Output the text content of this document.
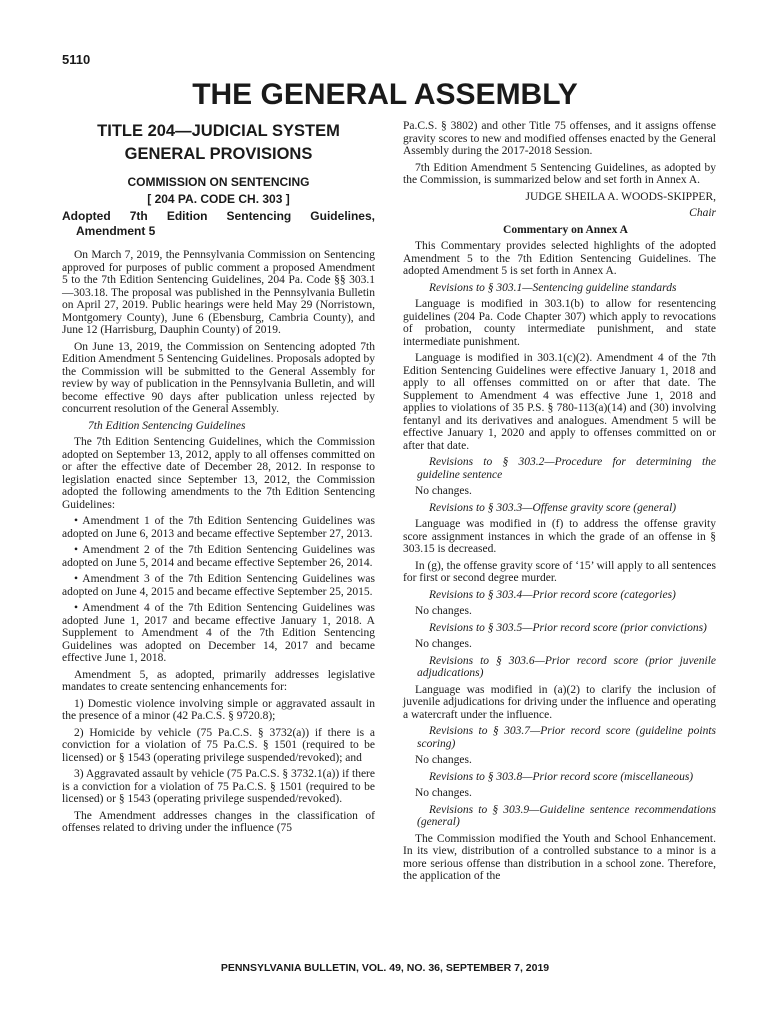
5110
THE GENERAL ASSEMBLY
TITLE 204—JUDICIAL SYSTEM
GENERAL PROVISIONS
COMMISSION ON SENTENCING
[ 204 PA. CODE CH. 303 ]
Adopted 7th Edition Sentencing Guidelines, Amendment 5

On March 7, 2019, the Pennsylvania Commission on Sentencing approved for purposes of public comment a proposed Amendment 5 to the 7th Edition Sentencing Guidelines, 204 Pa. Code §§ 303.1—303.18. The proposal was published in the Pennsylvania Bulletin on April 27, 2019. Public hearings were held May 29 (Norristown, Montgomery County), June 6 (Ebensburg, Cambria County), and June 12 (Harrisburg, Dauphin County) of 2019.

On June 13, 2019, the Commission on Sentencing adopted 7th Edition Amendment 5 Sentencing Guidelines. Proposals adopted by the Commission will be submitted to the General Assembly for review by way of publication in the Pennsylvania Bulletin, and will become effective 90 days after publication unless rejected by concurrent resolution of the General Assembly.

7th Edition Sentencing Guidelines

The 7th Edition Sentencing Guidelines, which the Commission adopted on September 13, 2012, apply to all offenses committed on or after the effective date of December 28, 2012. In response to legislation enacted since September 13, 2012, the Commission adopted the following amendments to the 7th Edition Sentencing Guidelines:

• Amendment 1 of the 7th Edition Sentencing Guidelines was adopted on June 6, 2013 and became effective September 27, 2013.

• Amendment 2 of the 7th Edition Sentencing Guidelines was adopted on June 5, 2014 and became effective September 26, 2014.

• Amendment 3 of the 7th Edition Sentencing Guidelines was adopted on June 4, 2015 and became effective September 25, 2015.

• Amendment 4 of the 7th Edition Sentencing Guidelines was adopted June 1, 2017 and became effective January 1, 2018. A Supplement to Amendment 4 of the 7th Edition Sentencing Guidelines was adopted on December 14, 2017 and became effective June 1, 2018.

Amendment 5, as adopted, primarily addresses legislative mandates to create sentencing enhancements for:

1) Domestic violence involving simple or aggravated assault in the presence of a minor (42 Pa.C.S. § 9720.8);

2) Homicide by vehicle (75 Pa.C.S. § 3732(a)) if there is a conviction for a violation of 75 Pa.C.S. § 1501 (required to be licensed) or § 1543 (operating privilege suspended/revoked); and

3) Aggravated assault by vehicle (75 Pa.C.S. § 3732.1(a)) if there is a conviction for a violation of 75 Pa.C.S. § 1501 (required to be licensed) or § 1543 (operating privilege suspended/revoked).

The Amendment addresses changes in the classification of offenses related to driving under the influence (75

Pa.C.S. § 3802) and other Title 75 offenses, and it assigns offense gravity scores to new and modified offenses enacted by the General Assembly during the 2017-2018 Session.

7th Edition Amendment 5 Sentencing Guidelines, as adopted by the Commission, is summarized below and set forth in Annex A.

JUDGE SHEILA A. WOODS-SKIPPER,

Chair

Commentary on Annex A

This Commentary provides selected highlights of the adopted Amendment 5 to the 7th Edition Sentencing Guidelines. The adopted Amendment 5 is set forth in Annex A.

Revisions to § 303.1—Sentencing guideline standards

Language is modified in 303.1(b) to allow for resentencing guidelines (204 Pa. Code Chapter 307) which apply to revocations of probation, county intermediate punishment, and state intermediate punishment.

Language is modified in 303.1(c)(2). Amendment 4 of the 7th Edition Sentencing Guidelines were effective January 1, 2018 and apply to all offenses committed on or after that date. The Supplement to Amendment 4 was effective June 1, 2018 and applies to violations of 35 P.S. § 780-113(a)(14) and (30) involving fentanyl and its derivatives and analogues. Amendment 5 will be effective January 1, 2020 and apply to offenses committed on or after that date.

Revisions to § 303.2—Procedure for determining the guideline sentence

No changes.

Revisions to § 303.3—Offense gravity score (general)

Language was modified in (f) to address the offense gravity score assignment instances in which the grade of an offense in § 303.15 is decreased.

In (g), the offense gravity score of ‘15’ will apply to all sentences for first or second degree murder.

Revisions to § 303.4—Prior record score (categories)

No changes.

Revisions to § 303.5—Prior record score (prior convictions)

No changes.

Revisions to § 303.6—Prior record score (prior juvenile adjudications)

Language was modified in (a)(2) to clarify the inclusion of juvenile adjudications for driving under the influence and operating a watercraft under the influence.

Revisions to § 303.7—Prior record score (guideline points scoring)

No changes.

Revisions to § 303.8—Prior record score (miscellaneous)

No changes.

Revisions to § 303.9—Guideline sentence recommendations (general)

The Commission modified the Youth and School Enhancement. In its view, distribution of a controlled substance to a minor is a more serious offense than distribution in a school zone. Therefore, the application of the

PENNSYLVANIA BULLETIN, VOL. 49, NO. 36, SEPTEMBER 7, 2019
